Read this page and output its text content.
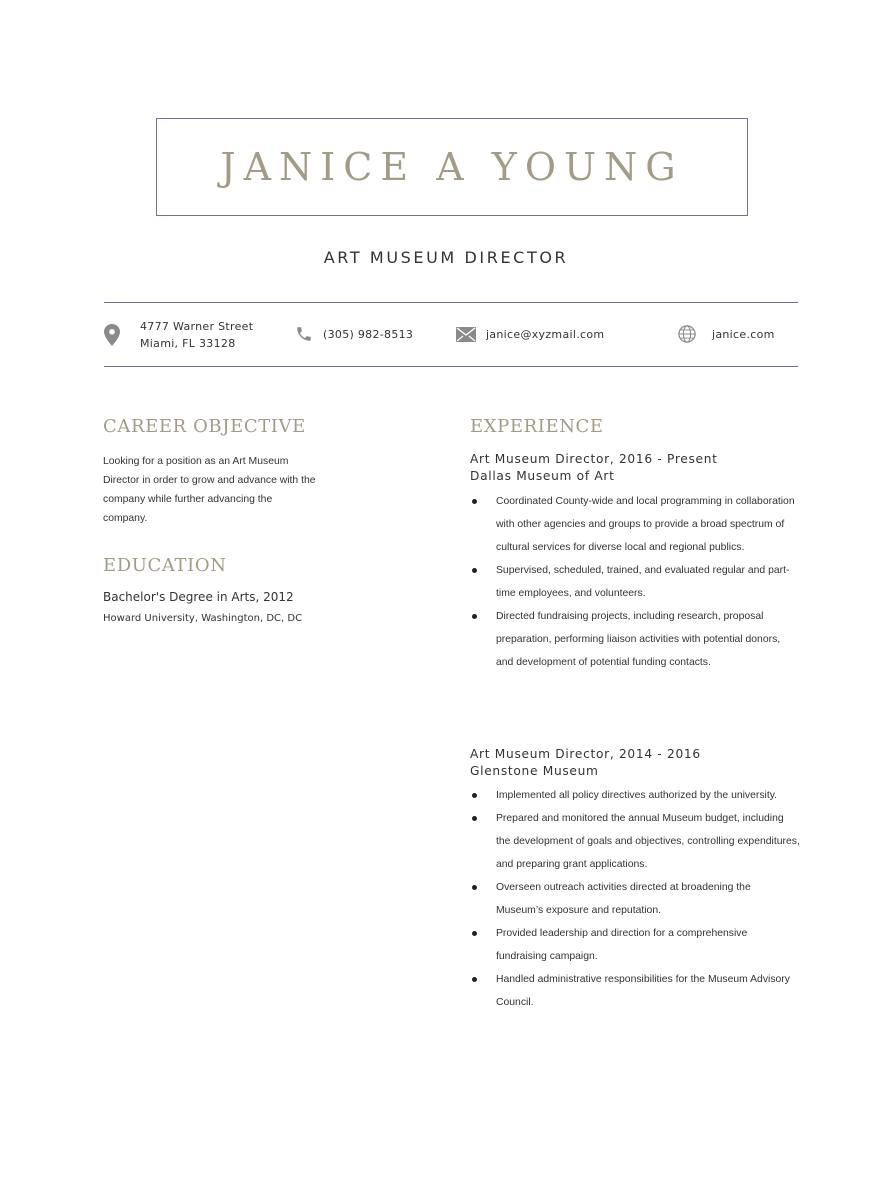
JANICE A YOUNG
ART MUSEUM DIRECTOR
4777 Warner Street
Miami, FL 33128
(305) 982-8513	janice@xyzmail.com	janice.com
CAREER OBJECTIVE
Looking for a position as an Art Museum Director in order to grow and advance with the company while further advancing the company.
EDUCATION
Bachelor's Degree in Arts, 2012
Howard University, Washington, DC, DC
EXPERIENCE
Art Museum Director, 2016 - Present
Dallas Museum of Art
Coordinated County-wide and local programming in collaboration with other agencies and groups to provide a broad spectrum of cultural services for diverse local and regional publics.
Supervised, scheduled, trained, and evaluated regular and part-time employees, and volunteers.
Directed fundraising projects, including research, proposal preparation, performing liaison activities with potential donors, and development of potential funding contacts.
Art Museum Director, 2014 - 2016
Glenstone Museum
Implemented all policy directives authorized by the university.
Prepared and monitored the annual Museum budget, including the development of goals and objectives, controlling expenditures, and preparing grant applications.
Overseen outreach activities directed at broadening the Museum’s exposure and reputation.
Provided leadership and direction for a comprehensive fundraising campaign.
Handled administrative responsibilities for the Museum Advisory Council.
